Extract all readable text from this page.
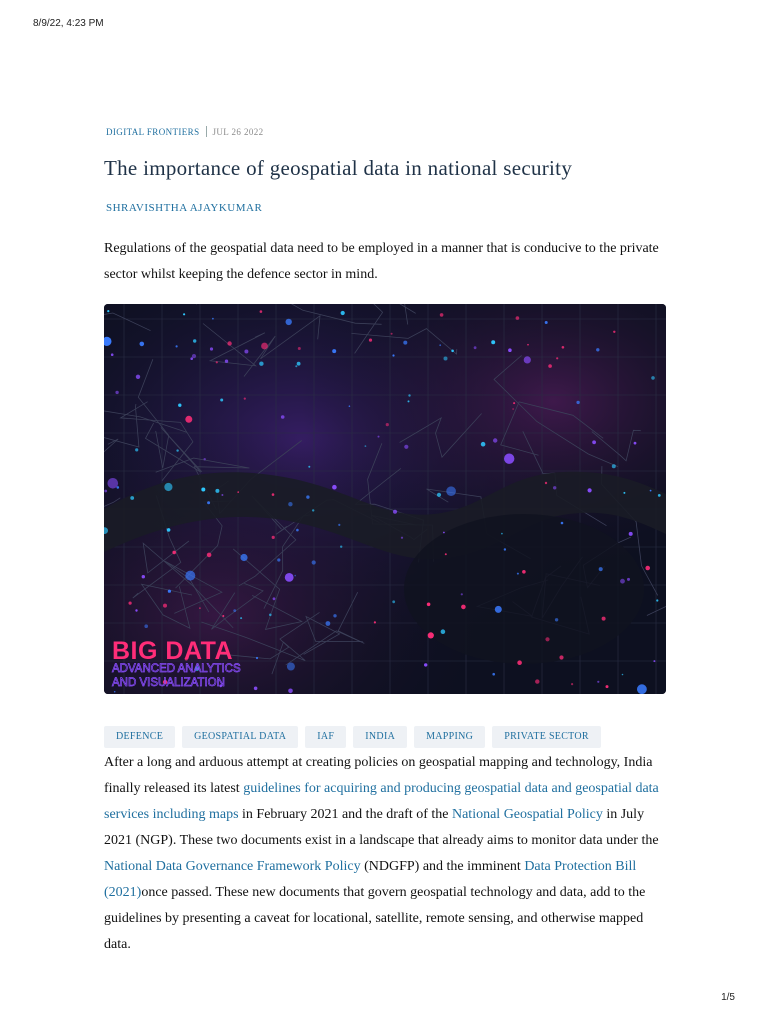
8/9/22, 4:23 PM
DIGITAL FRONTIERS JUL 26 2022
The importance of geospatial data in national security
SHRAVISHTHA AJAYKUMAR

Regulations of the geospatial data need to be employed in a manner that is conducive to the private sector whilst keeping the defence sector in mind.

BIG DATA
ADVANCED ANALYTICS
AND VISUALIZATION
DEFENCE	GEOSPATIAL DATA	IAF	INDIA	MAPPING	PRIVATE SECTOR

After a long and arduous attempt at creating policies on geospatial mapping and technology, India finally released its latest guidelines for acquiring and producing geospatial data and geospatial data services including maps in February 2021 and the draft of the National Geospatial Policy in July 2021 (NGP). These two documents exist in a landscape that already aims to monitor data under the National Data Governance Framework Policy (NDGFP) and the imminent Data Protection Bill (2021)once passed. These new documents that govern geospatial technology and data, add to the guidelines by presenting a caveat for locational, satellite, remote sensing, and otherwise mapped data.

1/5
